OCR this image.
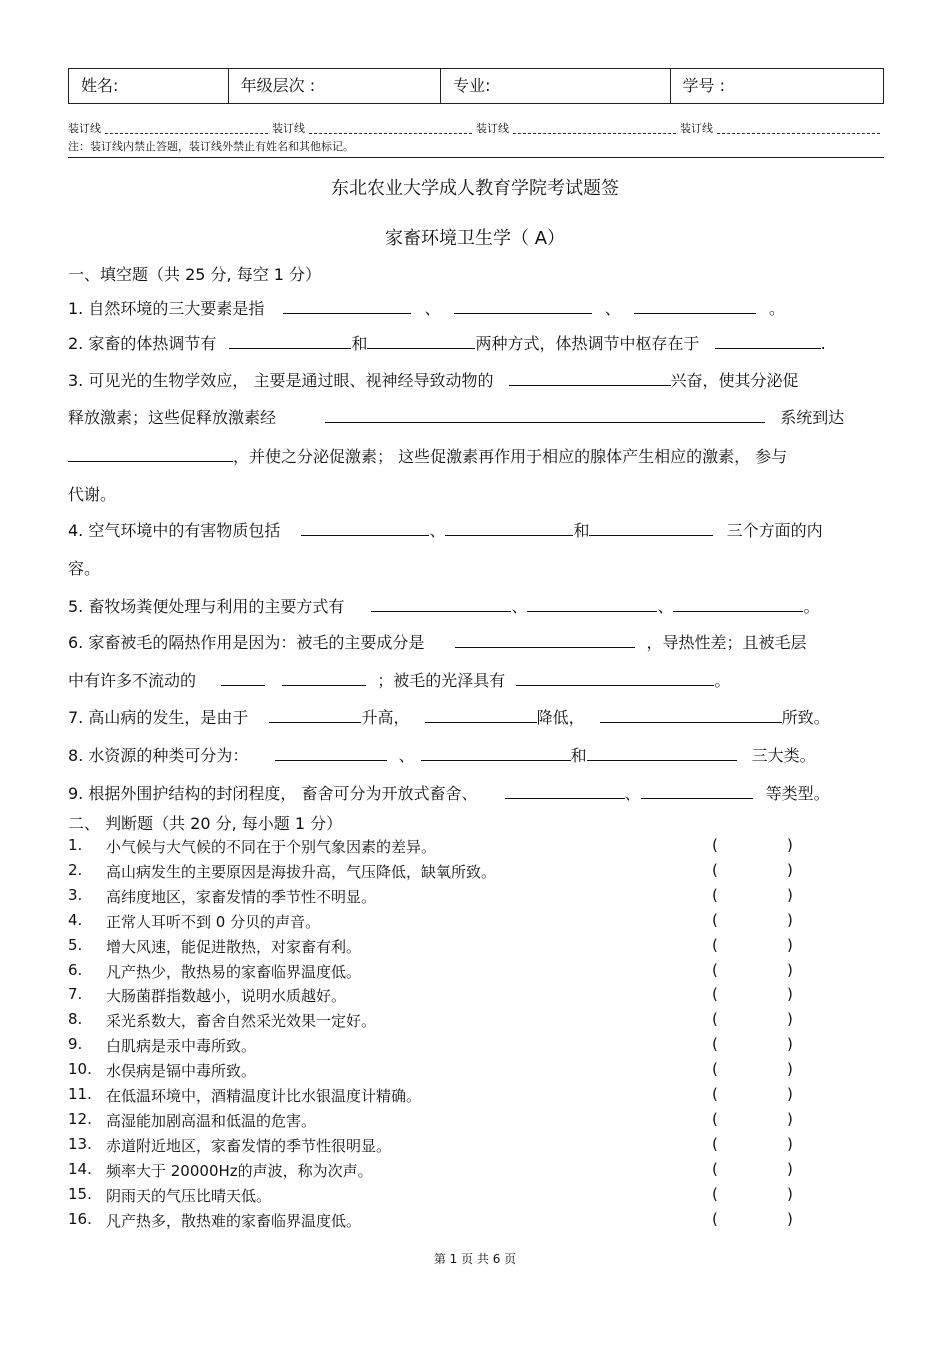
姓名:	年级层次 :	专业:	学号 :
装订线	装订线	装订线	装订线
注：装订线内禁止答题，装订线外禁止有姓名和其他标记。
东北农业大学成人教育学院考试题签
家畜环境卫生学（ A）
一、填空题（共 25 分, 每空 1 分）
1. 自然环境的三大要素是指	、	、	。
2. 家畜的体热调节有	和	两种方式，体热调节中枢存在于	.
3. 可见光的生物学效应， 主要是通过眼、视神经导致动物的	兴奋，使其分泌促
释放激素；这些促释放激素经	系统到达
，并使之分泌促激素； 这些促激素再作用于相应的腺体产生相应的激素， 参与
代谢。
4. 空气环境中的有害物质包括	、	和	三个方面的内
容。
5. 畜牧场粪便处理与利用的主要方式有	、	、	。
6. 家畜被毛的隔热作用是因为：被毛的主要成分是	，导热性差；且被毛层
中有许多不流动的	；被毛的光泽具有	。
7. 高山病的发生，是由于	升高，	降低，	所致。
8. 水资源的种类可分为：	、	和	三大类。
9. 根据外围护结构的封闭程度， 畜舍可分为开放式畜舍、	、	等类型。
二、 判断题（共 20 分, 每小题 1 分）
1. 小气候与大气候的不同在于个别气象因素的差异。	(	)
2. 高山病发生的主要原因是海拔升高，气压降低，缺氧所致。	(	)
3. 高纬度地区，家畜发情的季节性不明显。	(	)
4. 正常人耳听不到 0 分贝的声音。	(	)
5. 增大风速，能促进散热，对家畜有利。	(	)
6. 凡产热少，散热易的家畜临界温度低。	(	)
7. 大肠菌群指数越小，说明水质越好。	(	)
8. 采光系数大，畜舍自然采光效果一定好。	(	)
9. 白肌病是汞中毒所致。	(	)
10. 水俣病是镉中毒所致。	(	)
11. 在低温环境中，酒精温度计比水银温度计精确。	(	)
12. 高湿能加剧高温和低温的危害。	(	)
13. 赤道附近地区，家畜发情的季节性很明显。	(	)
14. 频率大于 20000Hz的声波，称为次声。	(	)
15. 阴雨天的气压比晴天低。	(	)
16. 凡产热多，散热难的家畜临界温度低。	(	)
第 1 页 共 6 页
